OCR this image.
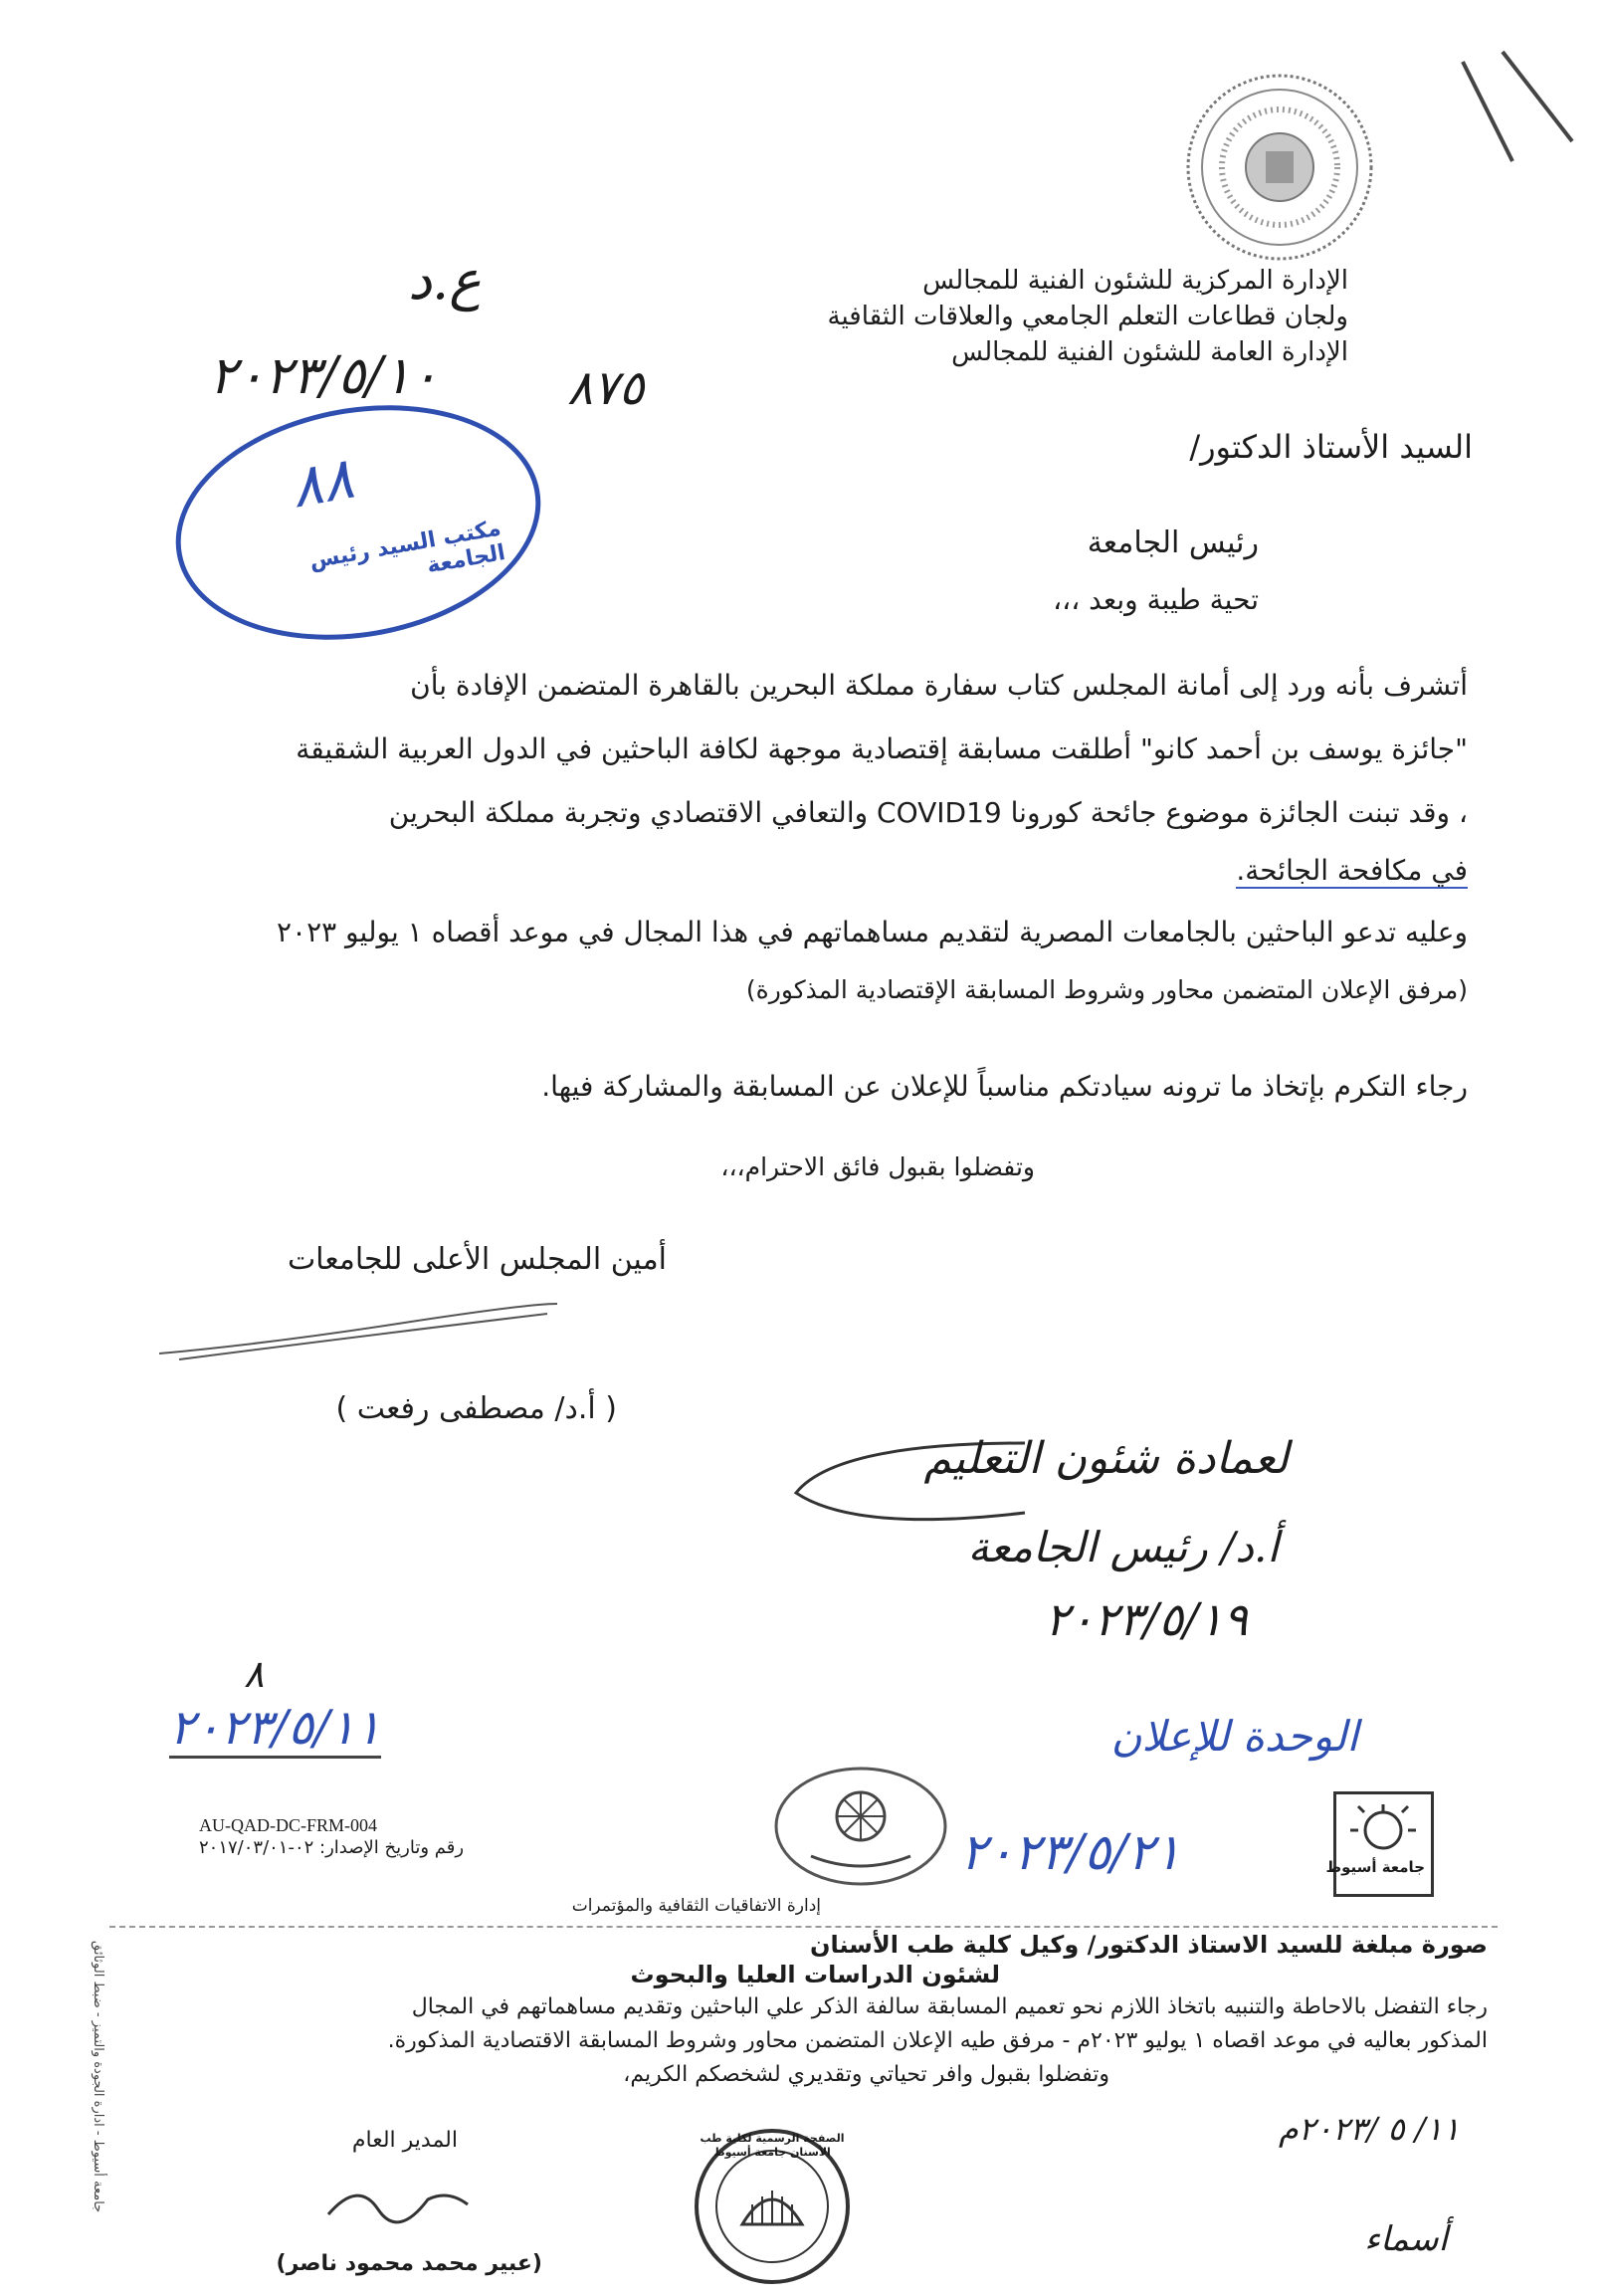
الإدارة المركزية للشئون الفنية للمجالس
ولجان قطاعات التعلم الجامعي والعلاقات الثقافية
الإدارة العامة للشئون الفنية للمجالس
ع.د
٢٠٢٣/٥/١٠	٨٧٥
٨٨
مكتب السيد رئيس الجامعة
السيد الأستاذ الدكتور/
رئيس الجامعة
تحية طيبة وبعد ،،،
أتشرف بأنه ورد إلى أمانة المجلس كتاب سفارة مملكة البحرين بالقاهرة المتضمن الإفادة بأن
"جائزة يوسف بن أحمد كانو" أطلقت مسابقة إقتصادية موجهة لكافة الباحثين في الدول العربية الشقيقة
، وقد تبنت الجائزة موضوع جائحة كورونا COVID19 والتعافي الاقتصادي وتجربة مملكة البحرين
في مكافحة الجائحة.
وعليه تدعو الباحثين بالجامعات المصرية لتقديم مساهماتهم في هذا المجال في موعد أقصاه ١ يوليو ٢٠٢٣
(مرفق الإعلان المتضمن محاور وشروط المسابقة الإقتصادية المذكورة)
رجاء التكرم بإتخاذ ما ترونه سيادتكم مناسباً للإعلان عن المسابقة والمشاركة فيها.
وتفضلوا بقبول فائق الاحترام،،،
أمين المجلس الأعلى للجامعات
( أ.د/ مصطفى رفعت )
لعمادة شئون التعليم
أ.د/ رئيس الجامعة
٢٠٢٣/٥/١٩
٨
٢٠٢٣/٥/١١	الوحدة للإعلان
٢٠٢٣/٥/٢١
AU-QAD-DC-FRM-004
رقم وتاريخ الإصدار: ٠٢-٢٠١٧/٠٣/٠١
جامعة أسيوط
إدارة الاتفاقيات الثقافية والمؤتمرات
صورة مبلغة للسيد الاستاذ الدكتور/ وكيل كلية طب الأسنان
لشئون الدراسات العليا والبحوث
رجاء التفضل بالاحاطة والتنبيه باتخاذ اللازم نحو تعميم المسابقة سالفة الذكر علي الباحثين وتقديم مساهماتهم في المجال
المذكور بعاليه في موعد اقصاه ١ يوليو ٢٠٢٣م - مرفق طيه الإعلان المتضمن محاور وشروط المسابقة الاقتصادية المذكورة.
وتفضلوا بقبول وافر تحياتي وتقديري لشخصكم الكريم،
١١/ ٥ /٢٠٢٣م
أسماء
المدير العام
(عبير محمد محمود ناصر)
الصفحة الرسمية لكلية طب الأسنان جامعة أسيوط
جامعة أسيوط - ادارة الجودة والتميز - ضبط الوثائق
